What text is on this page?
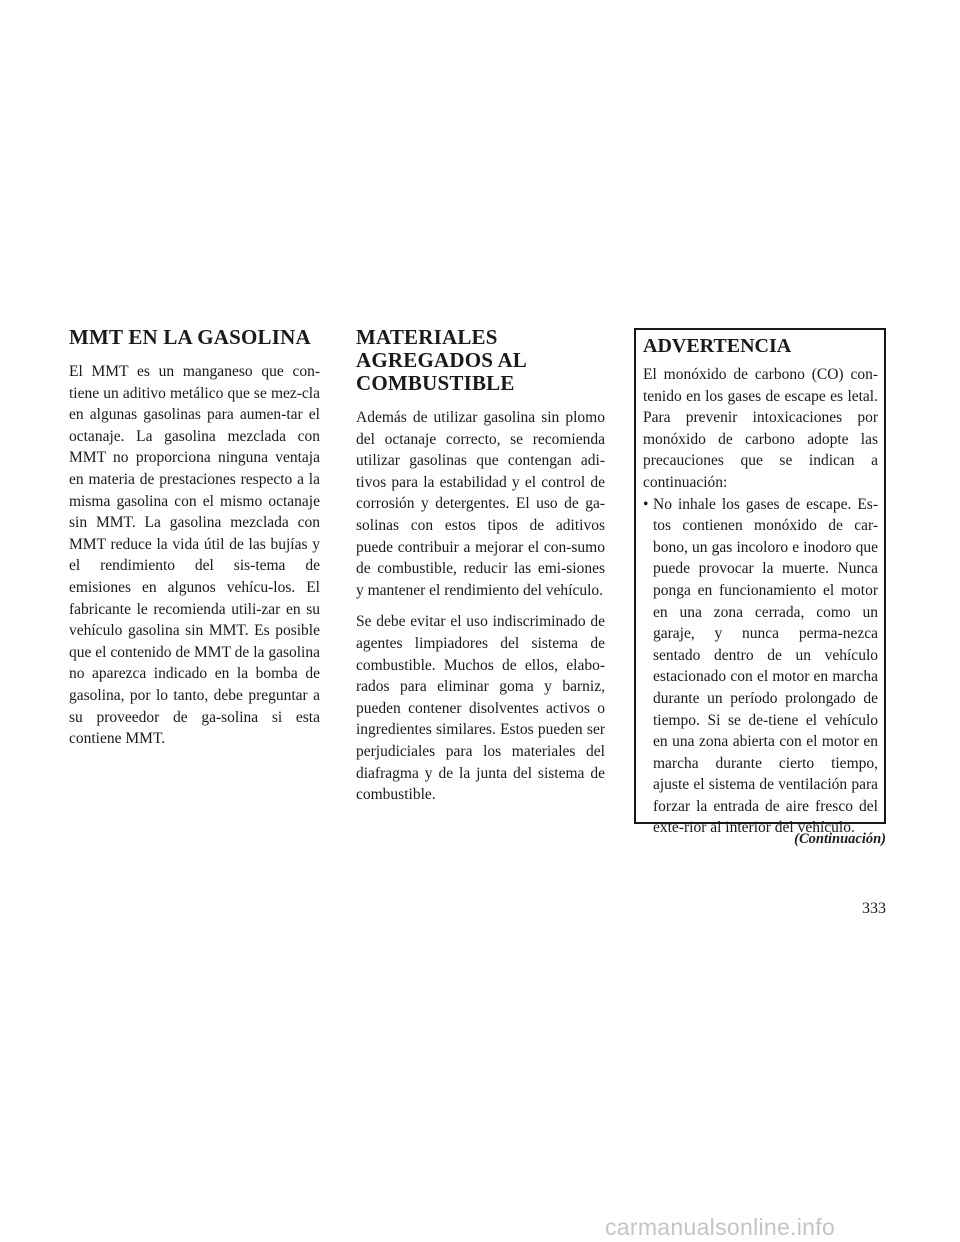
MMT EN LA GASOLINA

El MMT es un manganeso que con-tiene un aditivo metálico que se mez-cla en algunas gasolinas para aumen-tar el octanaje. La gasolina mezclada con MMT no proporciona ninguna ventaja en materia de prestaciones respecto a la misma gasolina con el mismo octanaje sin MMT. La gasolina mezclada con MMT reduce la vida útil de las bujías y el rendimiento del sis-tema de emisiones en algunos vehícu-los. El fabricante le recomienda utili-zar en su vehículo gasolina sin MMT. Es posible que el contenido de MMT de la gasolina no aparezca indicado en la bomba de gasolina, por lo tanto, debe preguntar a su proveedor de ga-solina si esta contiene MMT.

MATERIALES AGREGADOS AL COMBUSTIBLE

Además de utilizar gasolina sin plomo del octanaje correcto, se recomienda utilizar gasolinas que contengan adi-tivos para la estabilidad y el control de corrosión y detergentes. El uso de ga-solinas con estos tipos de aditivos puede contribuir a mejorar el con-sumo de combustible, reducir las emi-siones y mantener el rendimiento del vehículo.

Se debe evitar el uso indiscriminado de agentes limpiadores del sistema de combustible. Muchos de ellos, elabo-rados para eliminar goma y barniz, pueden contener disolventes activos o ingredientes similares. Estos pueden ser perjudiciales para los materiales del diafragma y de la junta del sistema de combustible.

ADVERTENCIA

El monóxido de carbono (CO) con-tenido en los gases de escape es letal. Para prevenir intoxicaciones por monóxido de carbono adopte las precauciones que se indican a continuación:

• No inhale los gases de escape. Es-tos contienen monóxido de car-bono, un gas incoloro e inodoro que puede provocar la muerte. Nunca ponga en funcionamiento el motor en una zona cerrada, como un garaje, y nunca perma-nezca sentado dentro de un vehículo estacionado con el motor en marcha durante un período prolongado de tiempo. Si se de-tiene el vehículo en una zona abierta con el motor en marcha durante cierto tiempo, ajuste el sistema de ventilación para forzar la entrada de aire fresco del exte-rior al interior del vehículo.
(Continuación)
333
carmanualsonline.info
